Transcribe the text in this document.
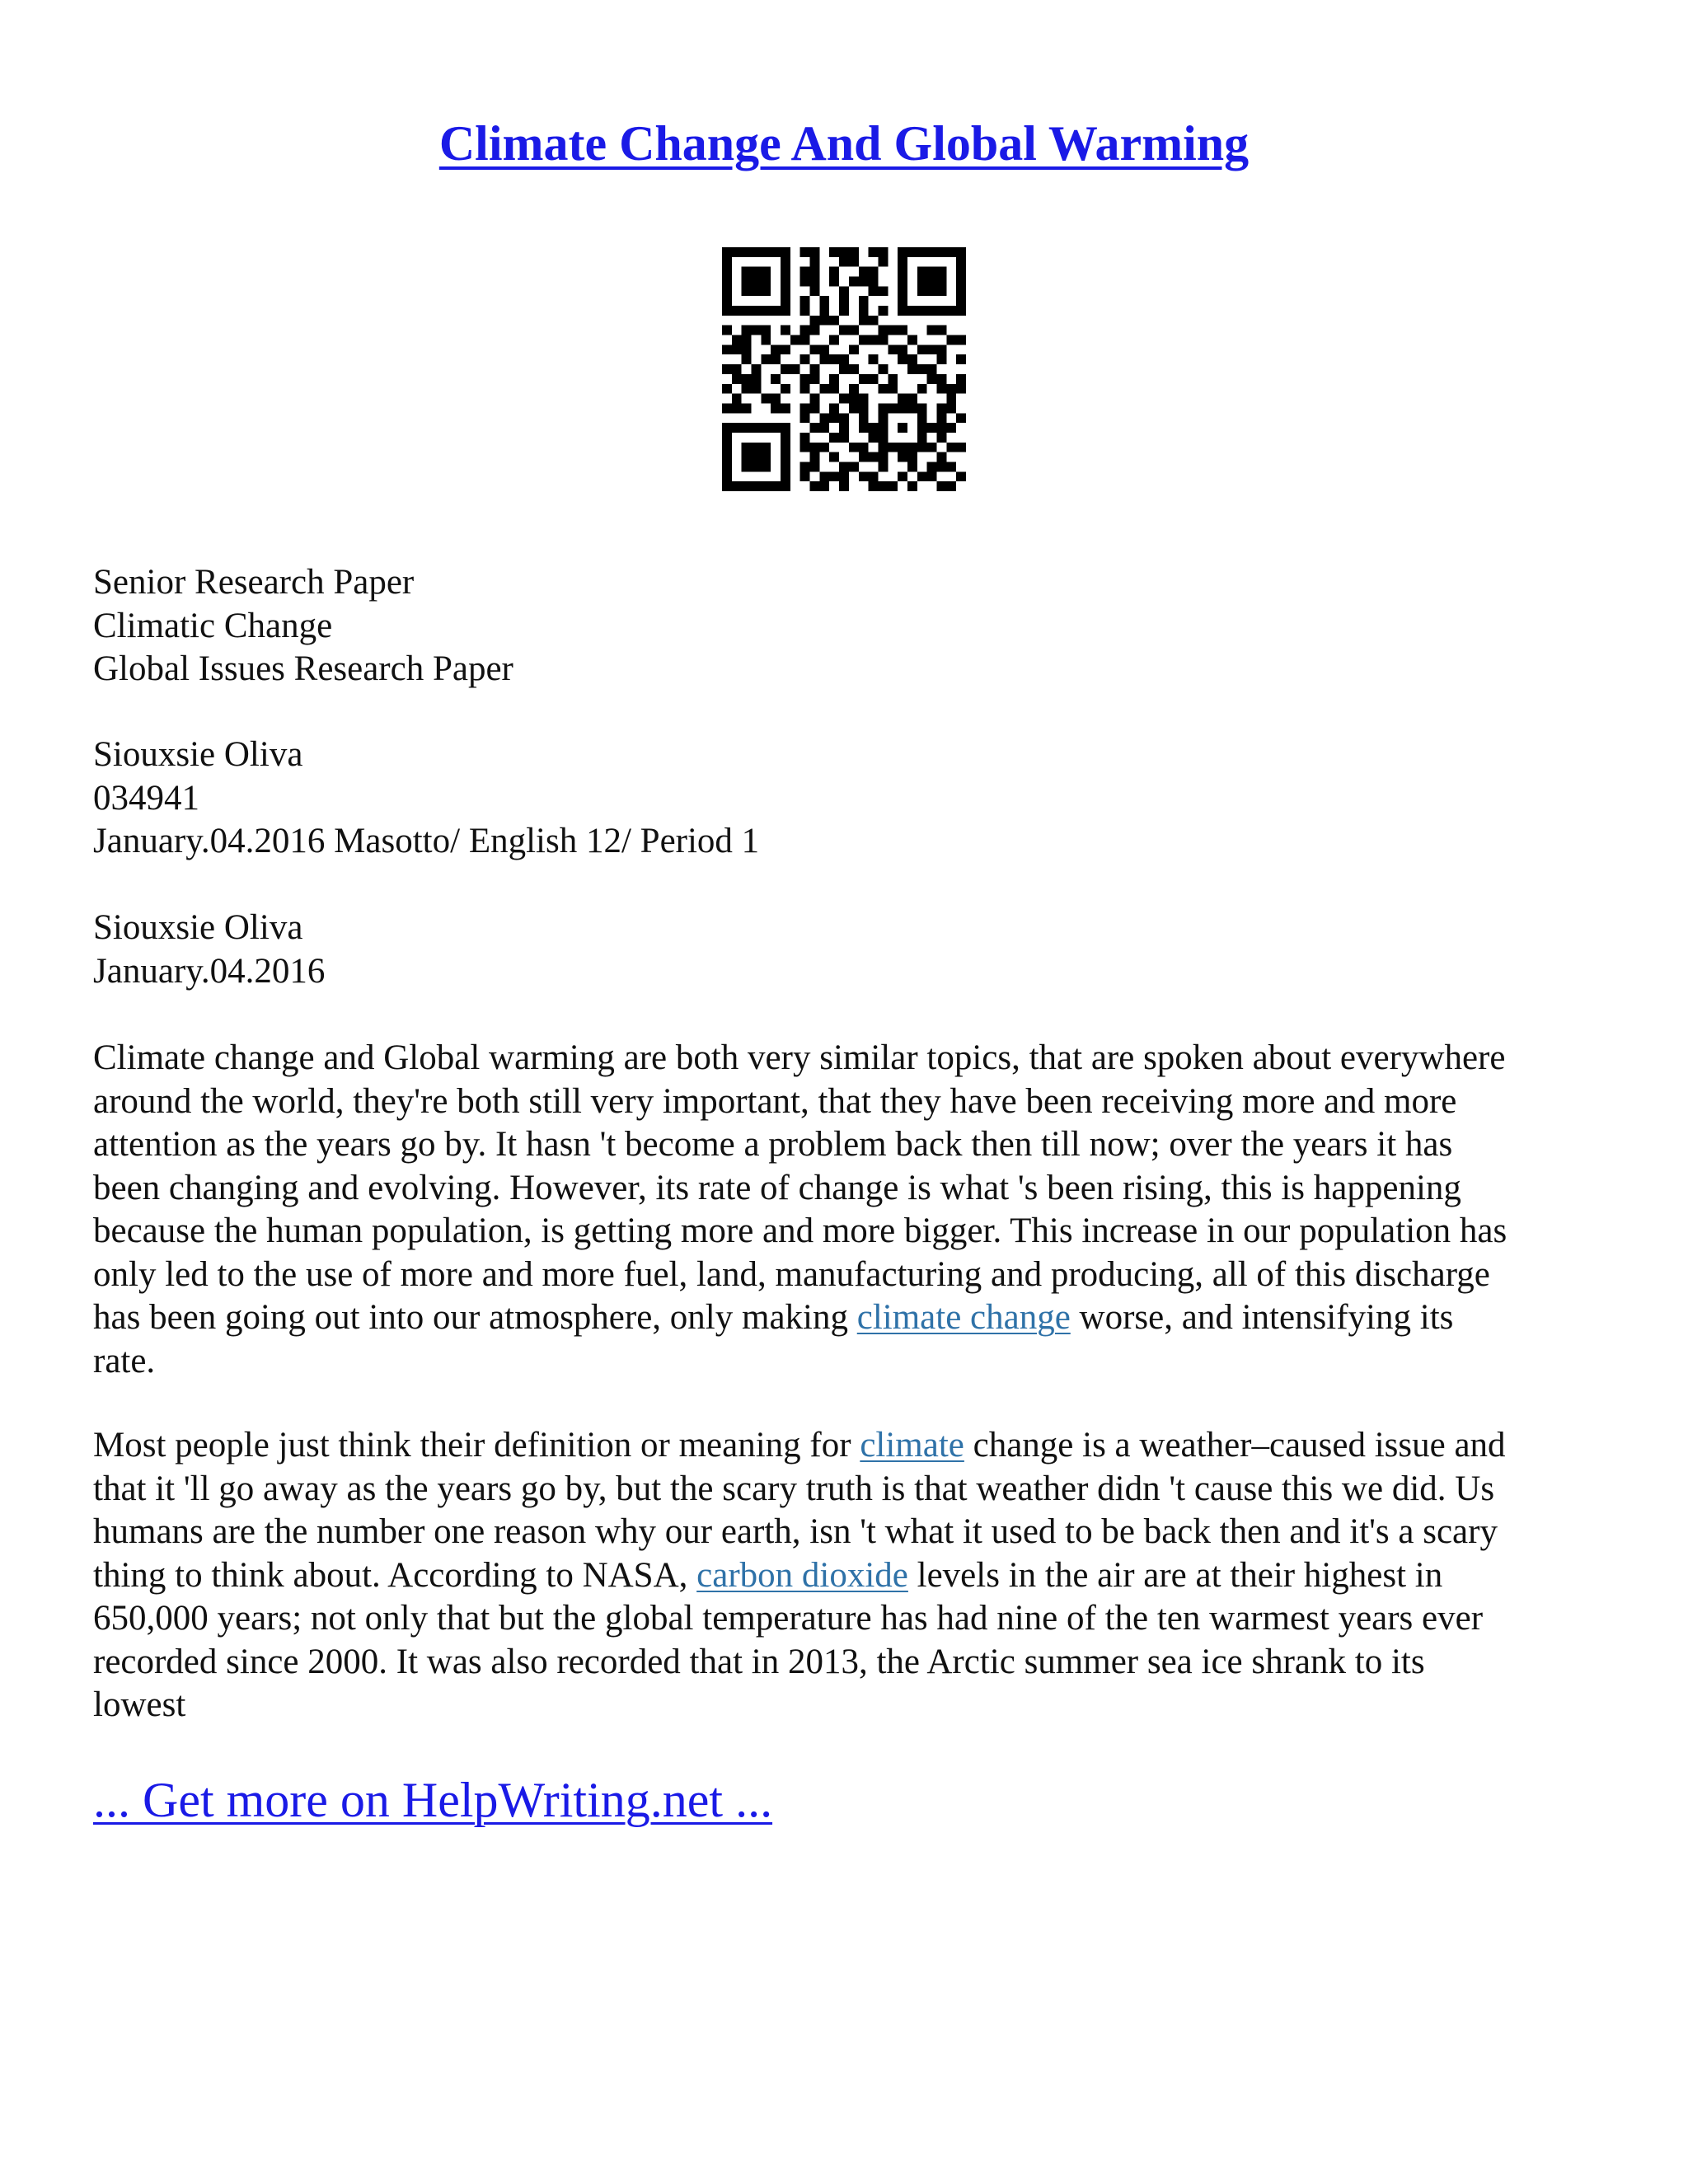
Climate Change And Global Warming
Senior Research Paper
Climatic Change
Global Issues Research Paper
Siouxsie Oliva
034941
January.04.2016 Masotto/ English 12/ Period 1
Siouxsie Oliva
January.04.2016
Climate change and Global warming are both very similar topics, that are spoken about everywhere
around the world, they're both still very important, that they have been receiving more and more
attention as the years go by. It hasn 't become a problem back then till now; over the years it has
been changing and evolving. However, its rate of change is what 's been rising, this is happening
because the human population, is getting more and more bigger. This increase in our population has
only led to the use of more and more fuel, land, manufacturing and producing, all of this discharge
has been going out into our atmosphere, only making climate change worse, and intensifying its
rate.
Most people just think their definition or meaning for climate change is a weather–caused issue and
that it 'll go away as the years go by, but the scary truth is that weather didn 't cause this we did. Us
humans are the number one reason why our earth, isn 't what it used to be back then and it's a scary
thing to think about. According to NASA, carbon dioxide levels in the air are at their highest in
650,000 years; not only that but the global temperature has had nine of the ten warmest years ever
recorded since 2000. It was also recorded that in 2013, the Arctic summer sea ice shrank to its
lowest
... Get more on HelpWriting.net ...
